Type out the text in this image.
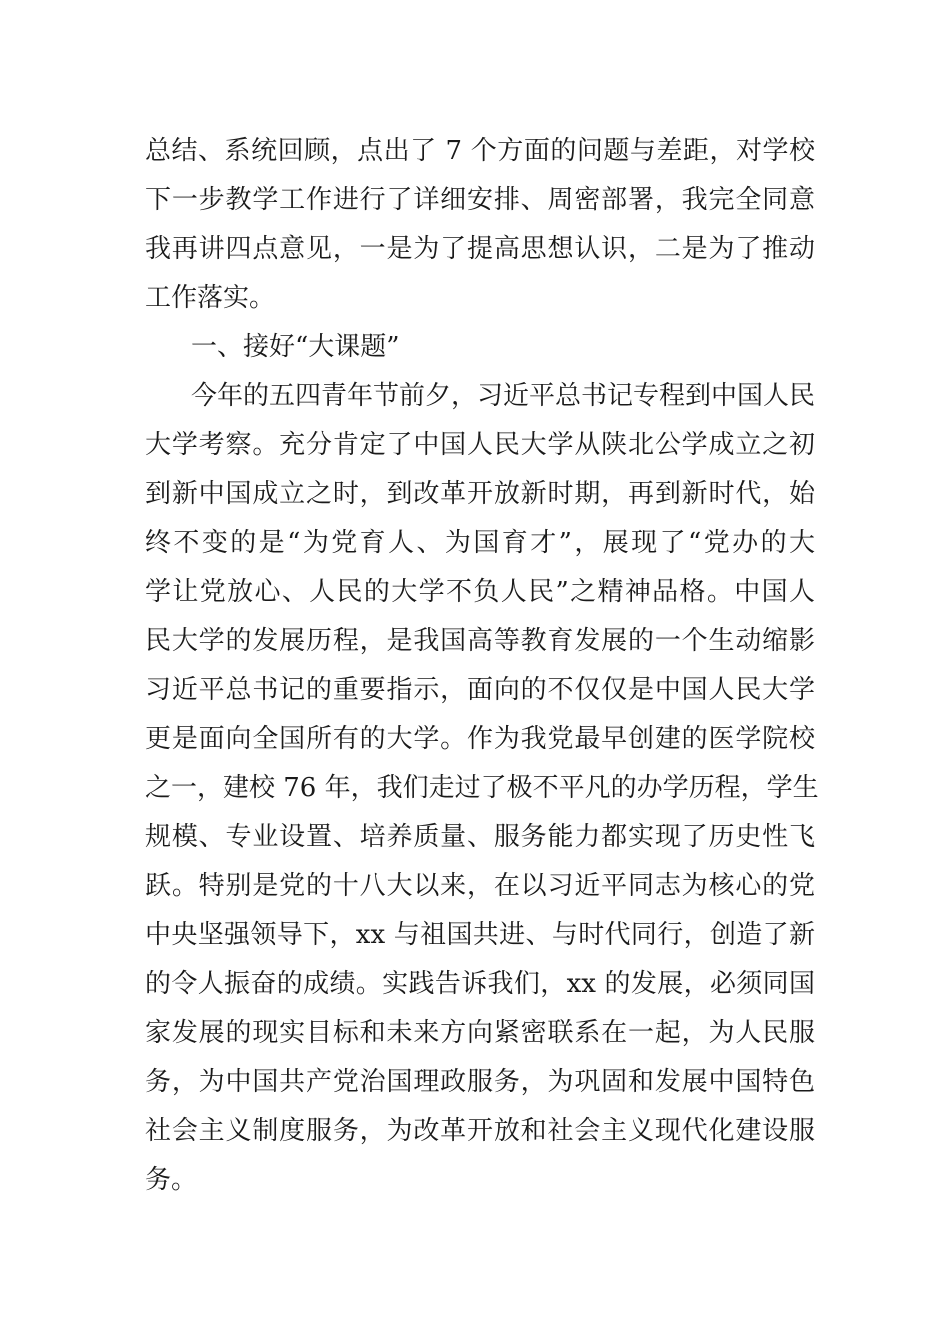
总结、系统回顾，点出了 7 个方面的问题与差距，对学校
下一步教学工作进行了详细安排、周密部署，我完全同意
我再讲四点意见，一是为了提高思想认识，二是为了推动
工作落实。
一、接好“大课题”
今年的五四青年节前夕，习近平总书记专程到中国人民
大学考察。充分肯定了中国人民大学从陕北公学成立之初
到新中国成立之时，到改革开放新时期，再到新时代，始
终不变的是“为党育人、为国育才”，展现了“党办的大
学让党放心、人民的大学不负人民”之精神品格。中国人
民大学的发展历程，是我国高等教育发展的一个生动缩影
习近平总书记的重要指示，面向的不仅仅是中国人民大学
更是面向全国所有的大学。作为我党最早创建的医学院校
之一，建校 76 年，我们走过了极不平凡的办学历程，学生
规模、专业设置、培养质量、服务能力都实现了历史性飞
跃。特别是党的十八大以来，在以习近平同志为核心的党
中央坚强领导下，xx 与祖国共进、与时代同行，创造了新
的令人振奋的成绩。实践告诉我们，xx 的发展，必须同国
家发展的现实目标和未来方向紧密联系在一起，为人民服
务，为中国共产党治国理政服务，为巩固和发展中国特色
社会主义制度服务，为改革开放和社会主义现代化建设服
务。
